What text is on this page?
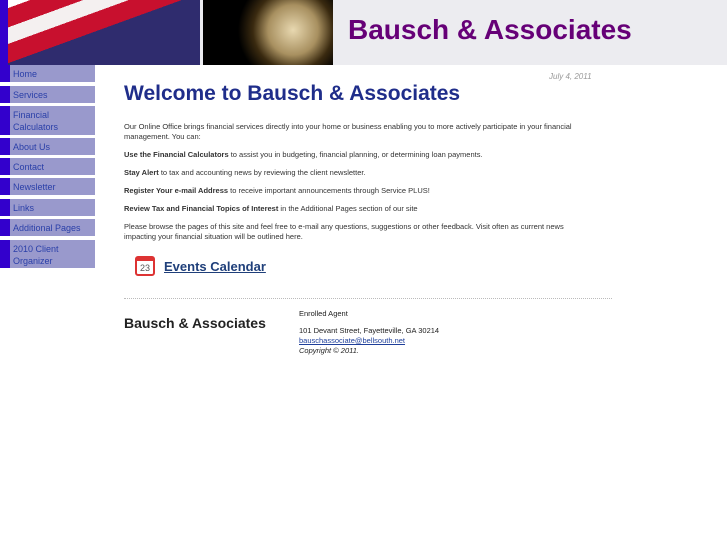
Bausch & Associates
Home
Services
Financial Calculators
About Us
Contact
Newsletter
Links
Additional Pages
2010 Client Organizer
July 4, 2011
Welcome to Bausch & Associates

Our Online Office brings financial services directly into your home or business enabling you to more actively participate in your financial management. You can:

Use the Financial Calculators to assist you in budgeting, financial planning, or determining loan payments.

Stay Alert to tax and accounting news by reviewing the client newsletter.

Register Your e-mail Address to receive important announcements through Service PLUS!

Review Tax and Financial Topics of Interest in the Additional Pages section of our site

Please browse the pages of this site and feel free to e-mail any questions, suggestions or other feedback. Visit often as current news impacting your financial situation will be outlined here.

23	Events Calendar
Bausch & Associates
Enrolled Agent
101 Devant Street, Fayetteville, GA 30214
bauschassociate@bellsouth.net
Copyright © 2011.
